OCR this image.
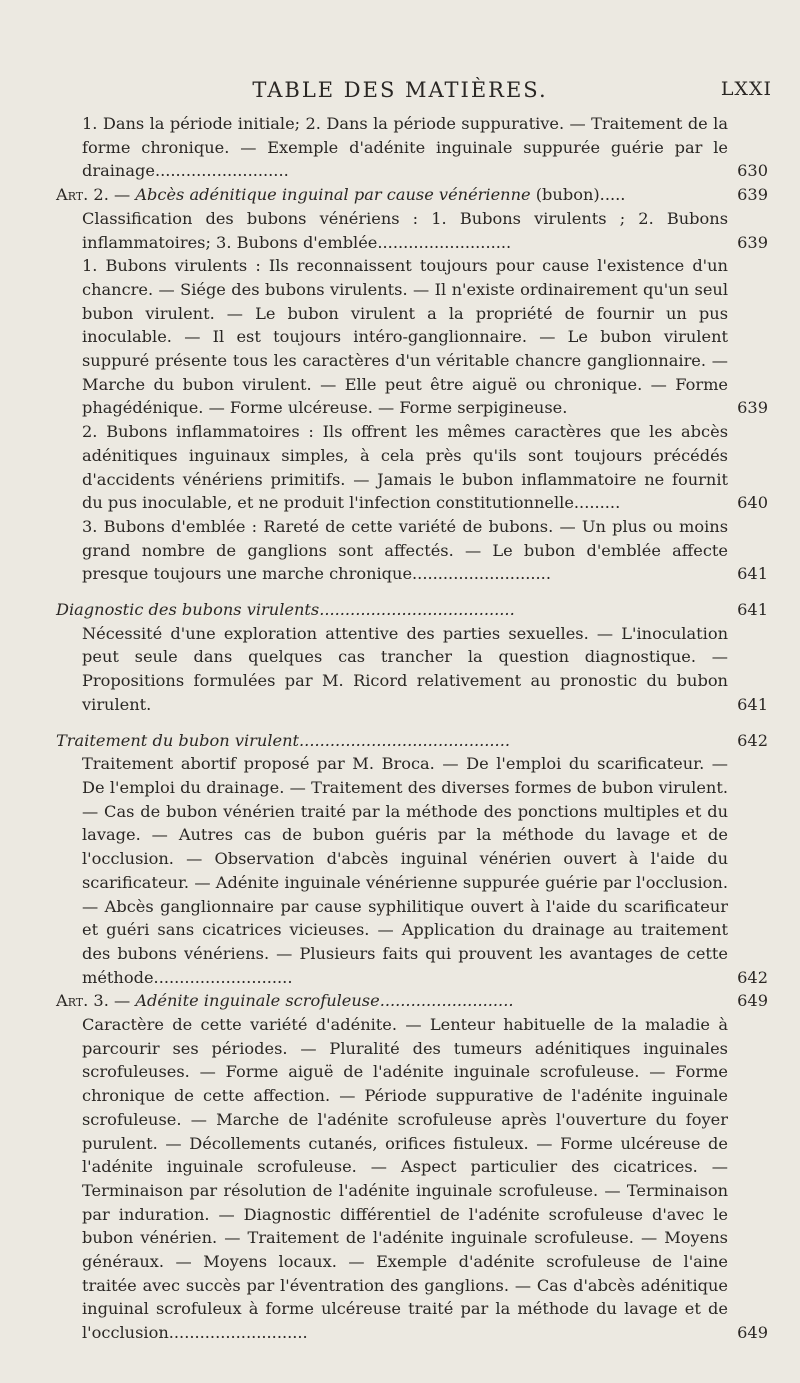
TABLE DES MATIÈRES.	LXXI
1. Dans la période initiale; 2. Dans la période suppurative. — Traitement de la forme chronique. — Exemple d'adénite inguinale suppurée guérie par le drainage..........................	630
Art. 2. — Abcès adénitique inguinal par cause vénérienne (bubon).....	639
Classification des bubons vénériens : 1. Bubons virulents ; 2. Bubons inflammatoires; 3. Bubons d'emblée..........................	639
1. Bubons virulents : Ils reconnaissent toujours pour cause l'existence d'un chancre. — Siége des bubons virulents. — Il n'existe ordinairement qu'un seul bubon virulent. — Le bubon virulent a la propriété de fournir un pus inoculable. — Il est toujours intéro-ganglionnaire. — Le bubon virulent suppuré présente tous les caractères d'un véritable chancre ganglionnaire. — Marche du bubon virulent. — Elle peut être aiguë ou chronique. — Forme phagédénique. — Forme ulcéreuse. — Forme serpigineuse.	639
2. Bubons inflammatoires : Ils offrent les mêmes caractères que les abcès adénitiques inguinaux simples, à cela près qu'ils sont toujours précédés d'accidents vénériens primitifs. — Jamais le bubon inflammatoire ne fournit du pus inoculable, et ne produit l'infection constitutionnelle.........	640
3. Bubons d'emblée : Rareté de cette variété de bubons. — Un plus ou moins grand nombre de ganglions sont affectés. — Le bubon d'emblée affecte presque toujours une marche chronique...........................	641
Diagnostic des bubons virulents......................................	641
Nécessité d'une exploration attentive des parties sexuelles. — L'inoculation peut seule dans quelques cas trancher la question diagnostique. — Propositions formulées par M. Ricord relativement au pronostic du bubon virulent.	641
Traitement du bubon virulent.........................................	642
Traitement abortif proposé par M. Broca. — De l'emploi du scarificateur. — De l'emploi du drainage. — Traitement des diverses formes de bubon virulent. — Cas de bubon vénérien traité par la méthode des ponctions multiples et du lavage. — Autres cas de bubon guéris par la méthode du lavage et de l'occlusion. — Observation d'abcès inguinal vénérien ouvert à l'aide du scarificateur. — Adénite inguinale vénérienne suppurée guérie par l'occlusion. — Abcès ganglionnaire par cause syphilitique ouvert à l'aide du scarificateur et guéri sans cicatrices vicieuses. — Application du drainage au traitement des bubons vénériens. — Plusieurs faits qui prouvent les avantages de cette méthode...........................	642
Art. 3. — Adénite inguinale scrofuleuse..........................	649
Caractère de cette variété d'adénite. — Lenteur habituelle de la maladie à parcourir ses périodes. — Pluralité des tumeurs adénitiques inguinales scrofuleuses. — Forme aiguë de l'adénite inguinale scrofuleuse. — Forme chronique de cette affection. — Période suppurative de l'adénite inguinale scrofuleuse. — Marche de l'adénite scrofuleuse après l'ouverture du foyer purulent. — Décollements cutanés, orifices fistuleux. — Forme ulcéreuse de l'adénite inguinale scrofuleuse. — Aspect particulier des cicatrices. — Terminaison par résolution de l'adénite inguinale scrofuleuse. — Terminaison par induration. — Diagnostic différentiel de l'adénite scrofuleuse d'avec le bubon vénérien. — Traitement de l'adénite inguinale scrofuleuse. — Moyens généraux. — Moyens locaux. — Exemple d'adénite scrofuleuse de l'aine traitée avec succès par l'éventration des ganglions. — Cas d'abcès adénitique inguinal scrofuleux à forme ulcéreuse traité par la méthode du lavage et de l'occlusion...........................	649
